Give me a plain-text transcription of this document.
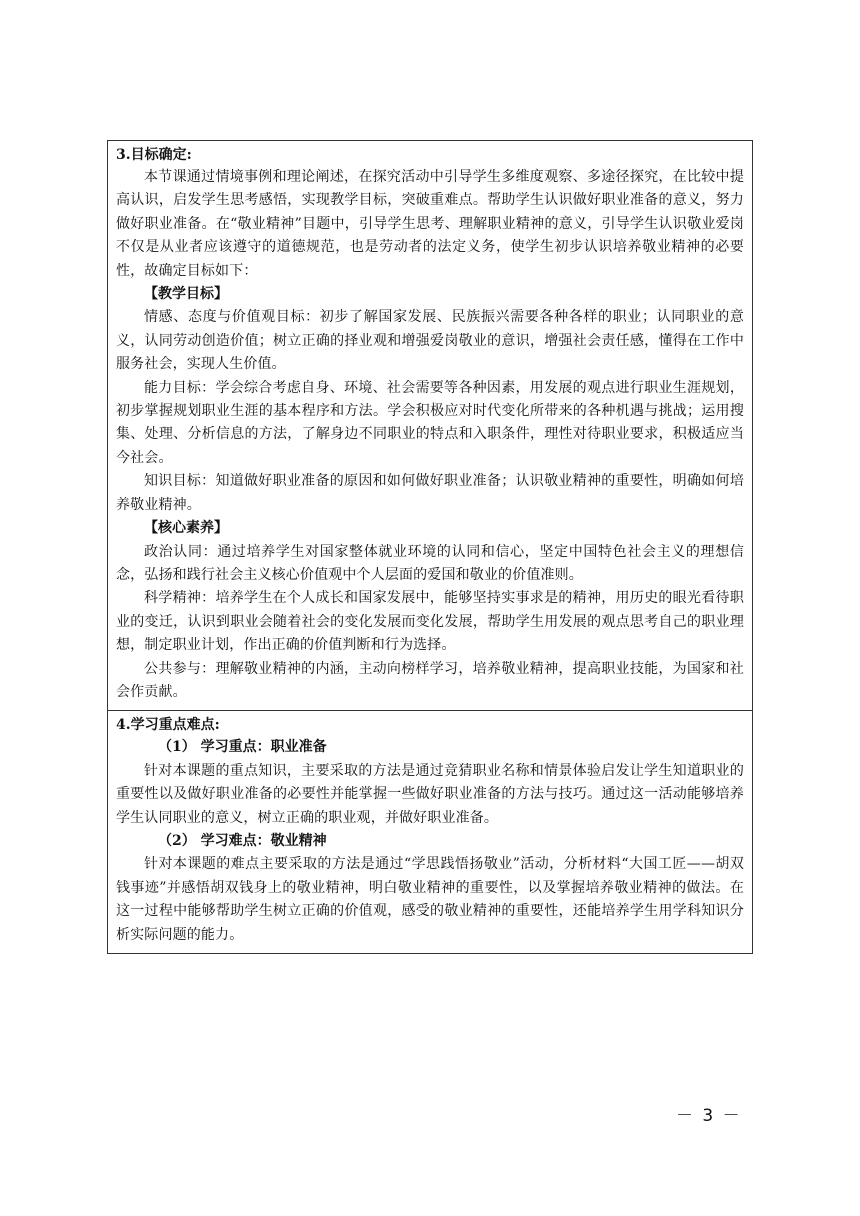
3.目标确定:

本节课通过情境事例和理论阐述，在探究活动中引导学生多维度观察、多途径探究，在比较中提高认识，启发学生思考感悟，实现教学目标，突破重难点。帮助学生认识做好职业准备的意义，努力做好职业准备。在“敬业精神”目题中，引导学生思考、理解职业精神的意义，引导学生认识敬业爱岗不仅是从业者应该遵守的道德规范，也是劳动者的法定义务，使学生初步认识培养敬业精神的必要性，故确定目标如下：

【教学目标】

情感、态度与价值观目标：初步了解国家发展、民族振兴需要各种各样的职业；认同职业的意义，认同劳动创造价值；树立正确的择业观和增强爱岗敬业的意识，增强社会责任感，懂得在工作中服务社会，实现人生价值。

能力目标：学会综合考虑自身、环境、社会需要等各种因素，用发展的观点进行职业生涯规划，初步掌握规划职业生涯的基本程序和方法。学会积极应对时代变化所带来的各种机遇与挑战；运用搜集、处理、分析信息的方法，了解身边不同职业的特点和入职条件，理性对待职业要求，积极适应当今社会。

知识目标：知道做好职业准备的原因和如何做好职业准备；认识敬业精神的重要性，明确如何培养敬业精神。

【核心素养】

政治认同：通过培养学生对国家整体就业环境的认同和信心，坚定中国特色社会主义的理想信念，弘扬和践行社会主义核心价值观中个人层面的爱国和敬业的价值准则。

科学精神：培养学生在个人成长和国家发展中，能够坚持实事求是的精神，用历史的眼光看待职业的变迁，认识到职业会随着社会的变化发展而变化发展，帮助学生用发展的观点思考自己的职业理想，制定职业计划，作出正确的价值判断和行为选择。

公共参与：理解敬业精神的内涵，主动向榜样学习，培养敬业精神，提高职业技能，为国家和社会作贡献。

4.学习重点难点:

（1） 学习重点：职业准备

针对本课题的重点知识，主要采取的方法是通过竞猜职业名称和情景体验启发让学生知道职业的重要性以及做好职业准备的必要性并能掌握一些做好职业准备的方法与技巧。通过这一活动能够培养学生认同职业的意义，树立正确的职业观，并做好职业准备。

（2） 学习难点：敬业精神

针对本课题的难点主要采取的方法是通过“学思践悟扬敬业”活动，分析材料“大国工匠——胡双钱事迹”并感悟胡双钱身上的敬业精神，明白敬业精神的重要性，以及掌握培养敬业精神的做法。在这一过程中能够帮助学生树立正确的价值观，感受的敬业精神的重要性，还能培养学生用学科知识分析实际问题的能力。

－ 3 －
